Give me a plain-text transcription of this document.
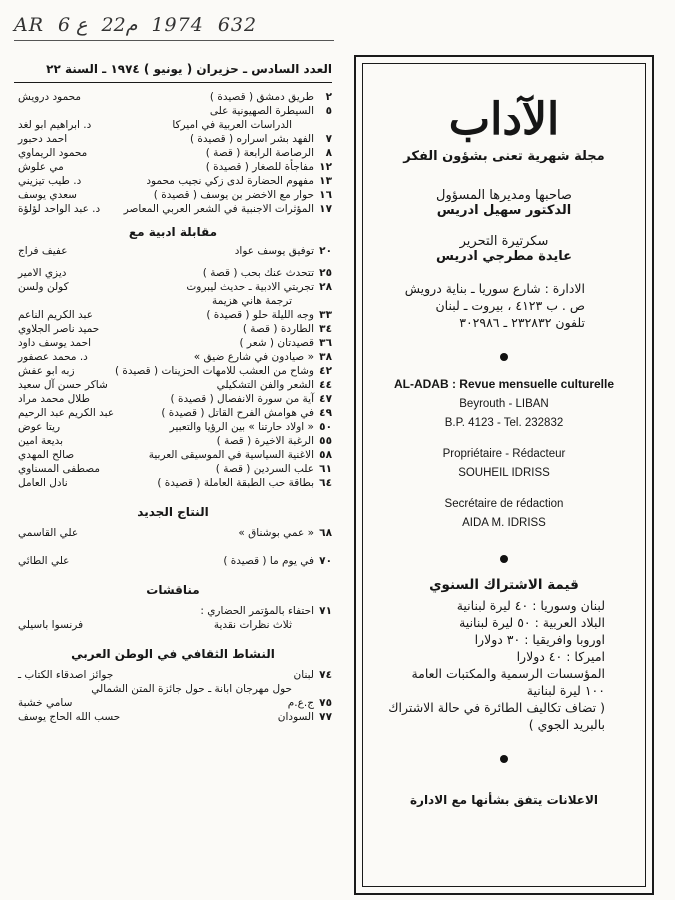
AR 6 ع 22م 1974 632
الآداب
مجلة شهرية تعنى بشؤون الفكر
صاحبها ومديرها المسؤول
الدكتور سهيل ادريس
سكرتيرة التحرير
عايدة مطرجي ادريس
الادارة : شارع سوريا ـ بناية درويش
ص . ب ٤١٢٣ ، بيروت ـ لبنان
تلفون ٢٣٢٨٣٢ ـ ٣٠٢٩٨٦
AL-ADAB : Revue mensuelle culturelle
Beyrouth - LIBAN
B.P. 4123 - Tel. 232832
Propriétaire - Rédacteur
SOUHEIL IDRISS
Secrétaire de rédaction
AIDA M. IDRISS
قيمة الاشتراك السنوي
لبنان وسوريا : ٤٠ ليرة لبنانية
البلاد العربية : ٥٠ ليرة لبنانية
اوروبا وافريقيا : ٣٠ دولارا
اميركا : ٤٠ دولارا
المؤسسات الرسمية والمكتبات العامة
١٠٠ ليرة لبنانية
( تضاف تكاليف الطائرة في حالة الاشتراك
بالبريد الجوي )
الاعلانات يتفق بشأنها مع الادارة
العدد السادس ـ حزيران ( يونيو ) ١٩٧٤ ـ السنة ٢٢
٢
طريق دمشق ( قصيدة )
محمود درويش
٥
السيطرة الصهيونية على
الدراسات العربية في اميركا
د. ابراهيم ابو لغد
٧
الفهد بشر اسراره ( قصيدة )
احمد دحبور
٨
الرصاصة الرابعة ( قصة )
محمود الريماوي
١٢
مفاجأة للصغار ( قصيدة )
مي علوش
١٣
مفهوم الحضارة لدى زكي نجيب محمود
د. طيب تيزيني
١٦
حوار مع الاخضر بن يوسف ( قصيدة )
سعدي يوسف
١٧
المؤثرات الاجنبية في الشعر العربي المعاصر
د. عبد الواحد لؤلؤة
مقابلة ادبية مع
٢٠
توفيق يوسف عواد
عفيف فراج
٢٥
تتحدث عنك بحب ( قصة )
ديزي الامير
٢٨
تجربتي الادبية ـ حديث ليبروت
كولن ولسن
ترجمة هاني هزيمة
٣٣
وجه الليلة حلو ( قصيدة )
عبد الكريم الناعم
٣٤
الطاردة ( قصة )
حميد ناصر الجلاوي
٣٦
قصيدتان ( شعر )
احمد يوسف داود
٣٨
« صيادون في شارع ضيق »
د. محمد عصفور
٤٢
وشاح من العشب للامهات الحزينات ( قصيدة )
زبه ابو عفش
٤٤
الشعر والفن التشكيلي
شاكر حسن آل سعيد
٤٧
آية من سورة الانفصال ( قصيدة )
طلال محمد مراد
٤٩
في هوامش الفرح القاتل ( قصيدة )
عبد الكريم عبد الرحيم
٥٠
« اولاد حارتنا » بين الرؤيا والتعبير
ريتا عوض
٥٥
الرغبة الاخيرة ( قصة )
بديعة امين
٥٨
الاغنية السياسية في الموسيقى العربية
صالح المهدي
٦١
علب السردين ( قصة )
مصطفى المسناوي
٦٤
بطاقة حب الطبقة العاملة ( قصيدة )
نادل العامل
النتاج الجديد
٦٨
« عمي بوشناق »
علي القاسمي
٧٠
في يوم ما ( قصيدة )
علي الطائي
مناقشات
٧١
احتفاء بالمؤتمر الحضاري :
ثلاث نظرات نقدية
فرنسوا باسيلي
النشاط الثقافي في الوطن العربي
٧٤
لبنان
جوائز اصدقاء الكتاب ـ
حول مهرجان ابانة ـ حول جائزة المتن الشمالي
٧٥
ج.ع.م
سامي خشبة
٧٧
السودان
حسب الله الحاج يوسف
